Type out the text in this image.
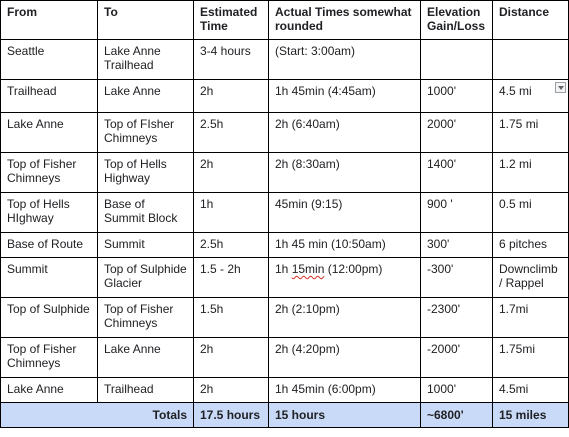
From	To	Estimated Time	Actual Times somewhat rounded	Elevation Gain/Loss	Distance
Seattle	Lake Anne Trailhead	3-4 hours	(Start: 3:00am)		
Trailhead	Lake Anne	2h	1h 45min (4:45am)	1000'	4.5 mi

Lake Anne	Top of FIsher Chimneys	2.5h	2h (6:40am)	2000'	1.75 mi
Top of Fisher Chimneys	Top of Hells Highway	2h	2h (8:30am)	1400'	1.2 mi
Top of Hells HIghway	Base of Summit Block	1h	45min (9:15)	900 '	0.5 mi
Base of Route	Summit	2.5h	1h 45 min (10:50am)	300'	6 pitches
Summit	Top of Sulphide Glacier	1.5 - 2h	1h 15min (12:00pm)	-300'	Downclimb / Rappel
Top of Sulphide	Top of Fisher Chimneys	1.5h	2h (2:10pm)	-2300'	1.7mi
Top of Fisher Chimneys	Lake Anne	2h	2h (4:20pm)	-2000'	1.75mi
Lake Anne	Trailhead	2h	1h 45min (6:00pm)	1000'	4.5mi
Totals		17.5 hours	15 hours	~6800'	15 miles
